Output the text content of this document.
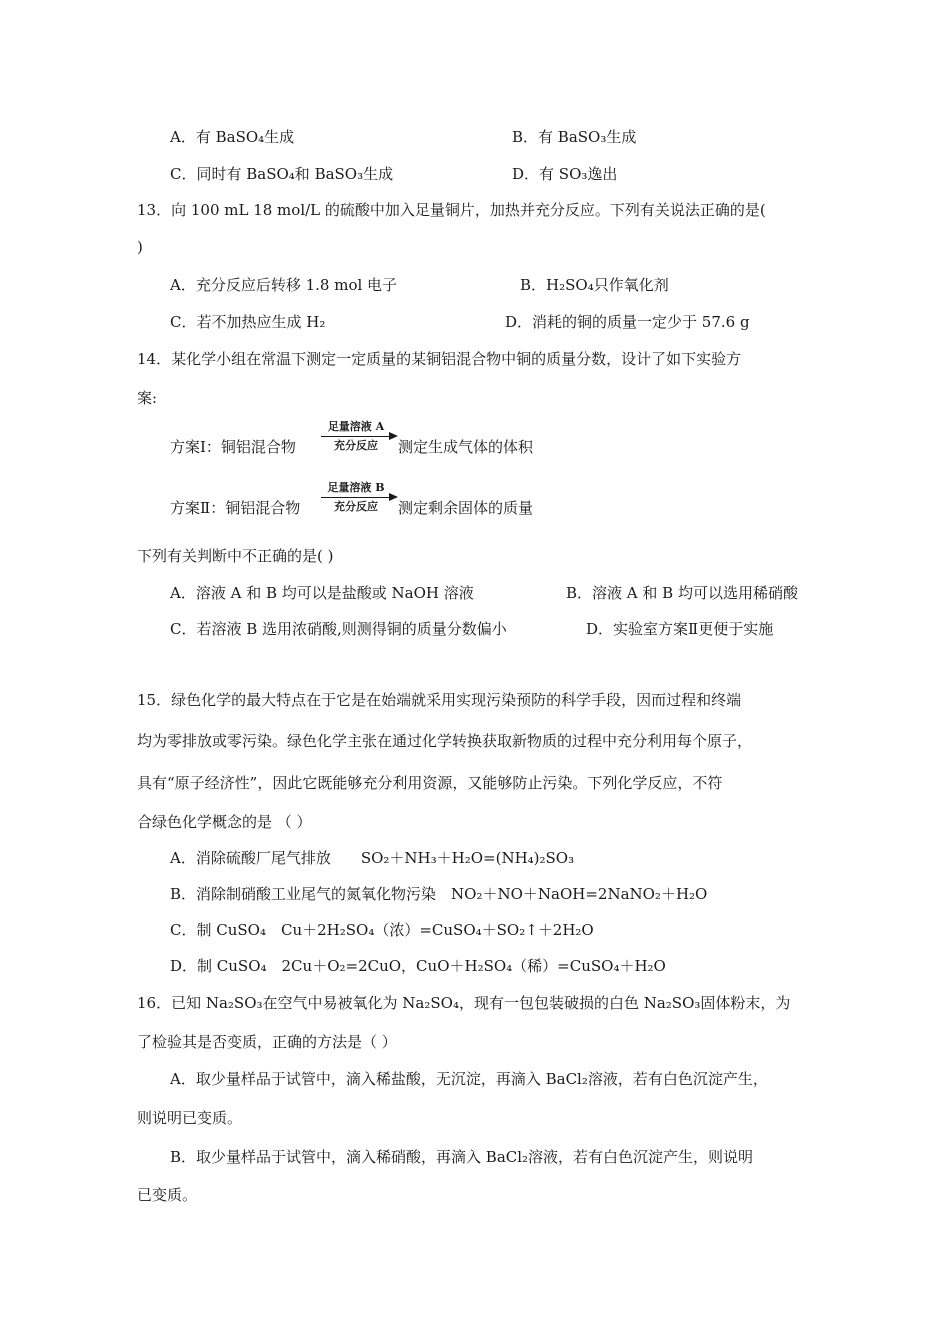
A．有 BaSO₄生成	B．有 BaSO₃生成
C．同时有 BaSO₄和 BaSO₃生成	D．有 SO₃逸出
13．向 100 mL 18 mol/L 的硫酸中加入足量铜片，加热并充分反应。下列有关说法正确的是(
)
A．充分反应后转移 1.8 mol 电子	B．H₂SO₄只作氧化剂
C．若不加热应生成 H₂	D．消耗的铜的质量一定少于 57.6 g
14．某化学小组在常温下测定一定质量的某铜铝混合物中铜的质量分数，设计了如下实验方
案:
方案Ⅰ：铜铝混合物
足量溶液 A
充分反应	测定生成气体的体积
方案Ⅱ：铜铝混合物
足量溶液 B
充分反应	测定剩余固体的质量
下列有关判断中不正确的是( )
A．溶液 A 和 B 均可以是盐酸或 NaOH 溶液	B．溶液 A 和 B 均可以选用稀硝酸
C．若溶液 B 选用浓硝酸,则测得铜的质量分数偏小	D．实验室方案Ⅱ更便于实施
15．绿色化学的最大特点在于它是在始端就采用实现污染预防的科学手段，因而过程和终端
均为零排放或零污染。绿色化学主张在通过化学转换获取新物质的过程中充分利用每个原子，
具有“原子经济性”，因此它既能够充分利用资源，又能够防止污染。下列化学反应，不符
合绿色化学概念的是 （ ）
A．消除硫酸厂尾气排放　　SO₂＋NH₃＋H₂O=(NH₄)₂SO₃
B．消除制硝酸工业尾气的氮氧化物污染　NO₂＋NO＋NaOH=2NaNO₂＋H₂O
C．制 CuSO₄　Cu＋2H₂SO₄（浓）=CuSO₄＋SO₂↑＋2H₂O
D．制 CuSO₄　2Cu＋O₂=2CuO，CuO＋H₂SO₄（稀）=CuSO₄＋H₂O
16．已知 Na₂SO₃在空气中易被氧化为 Na₂SO₄，现有一包包装破损的白色 Na₂SO₃固体粉末，为
了检验其是否变质，正确的方法是（ ）
A．取少量样品于试管中，滴入稀盐酸，无沉淀，再滴入 BaCl₂溶液，若有白色沉淀产生，
则说明已变质。
B．取少量样品于试管中，滴入稀硝酸，再滴入 BaCl₂溶液，若有白色沉淀产生，则说明
已变质。
